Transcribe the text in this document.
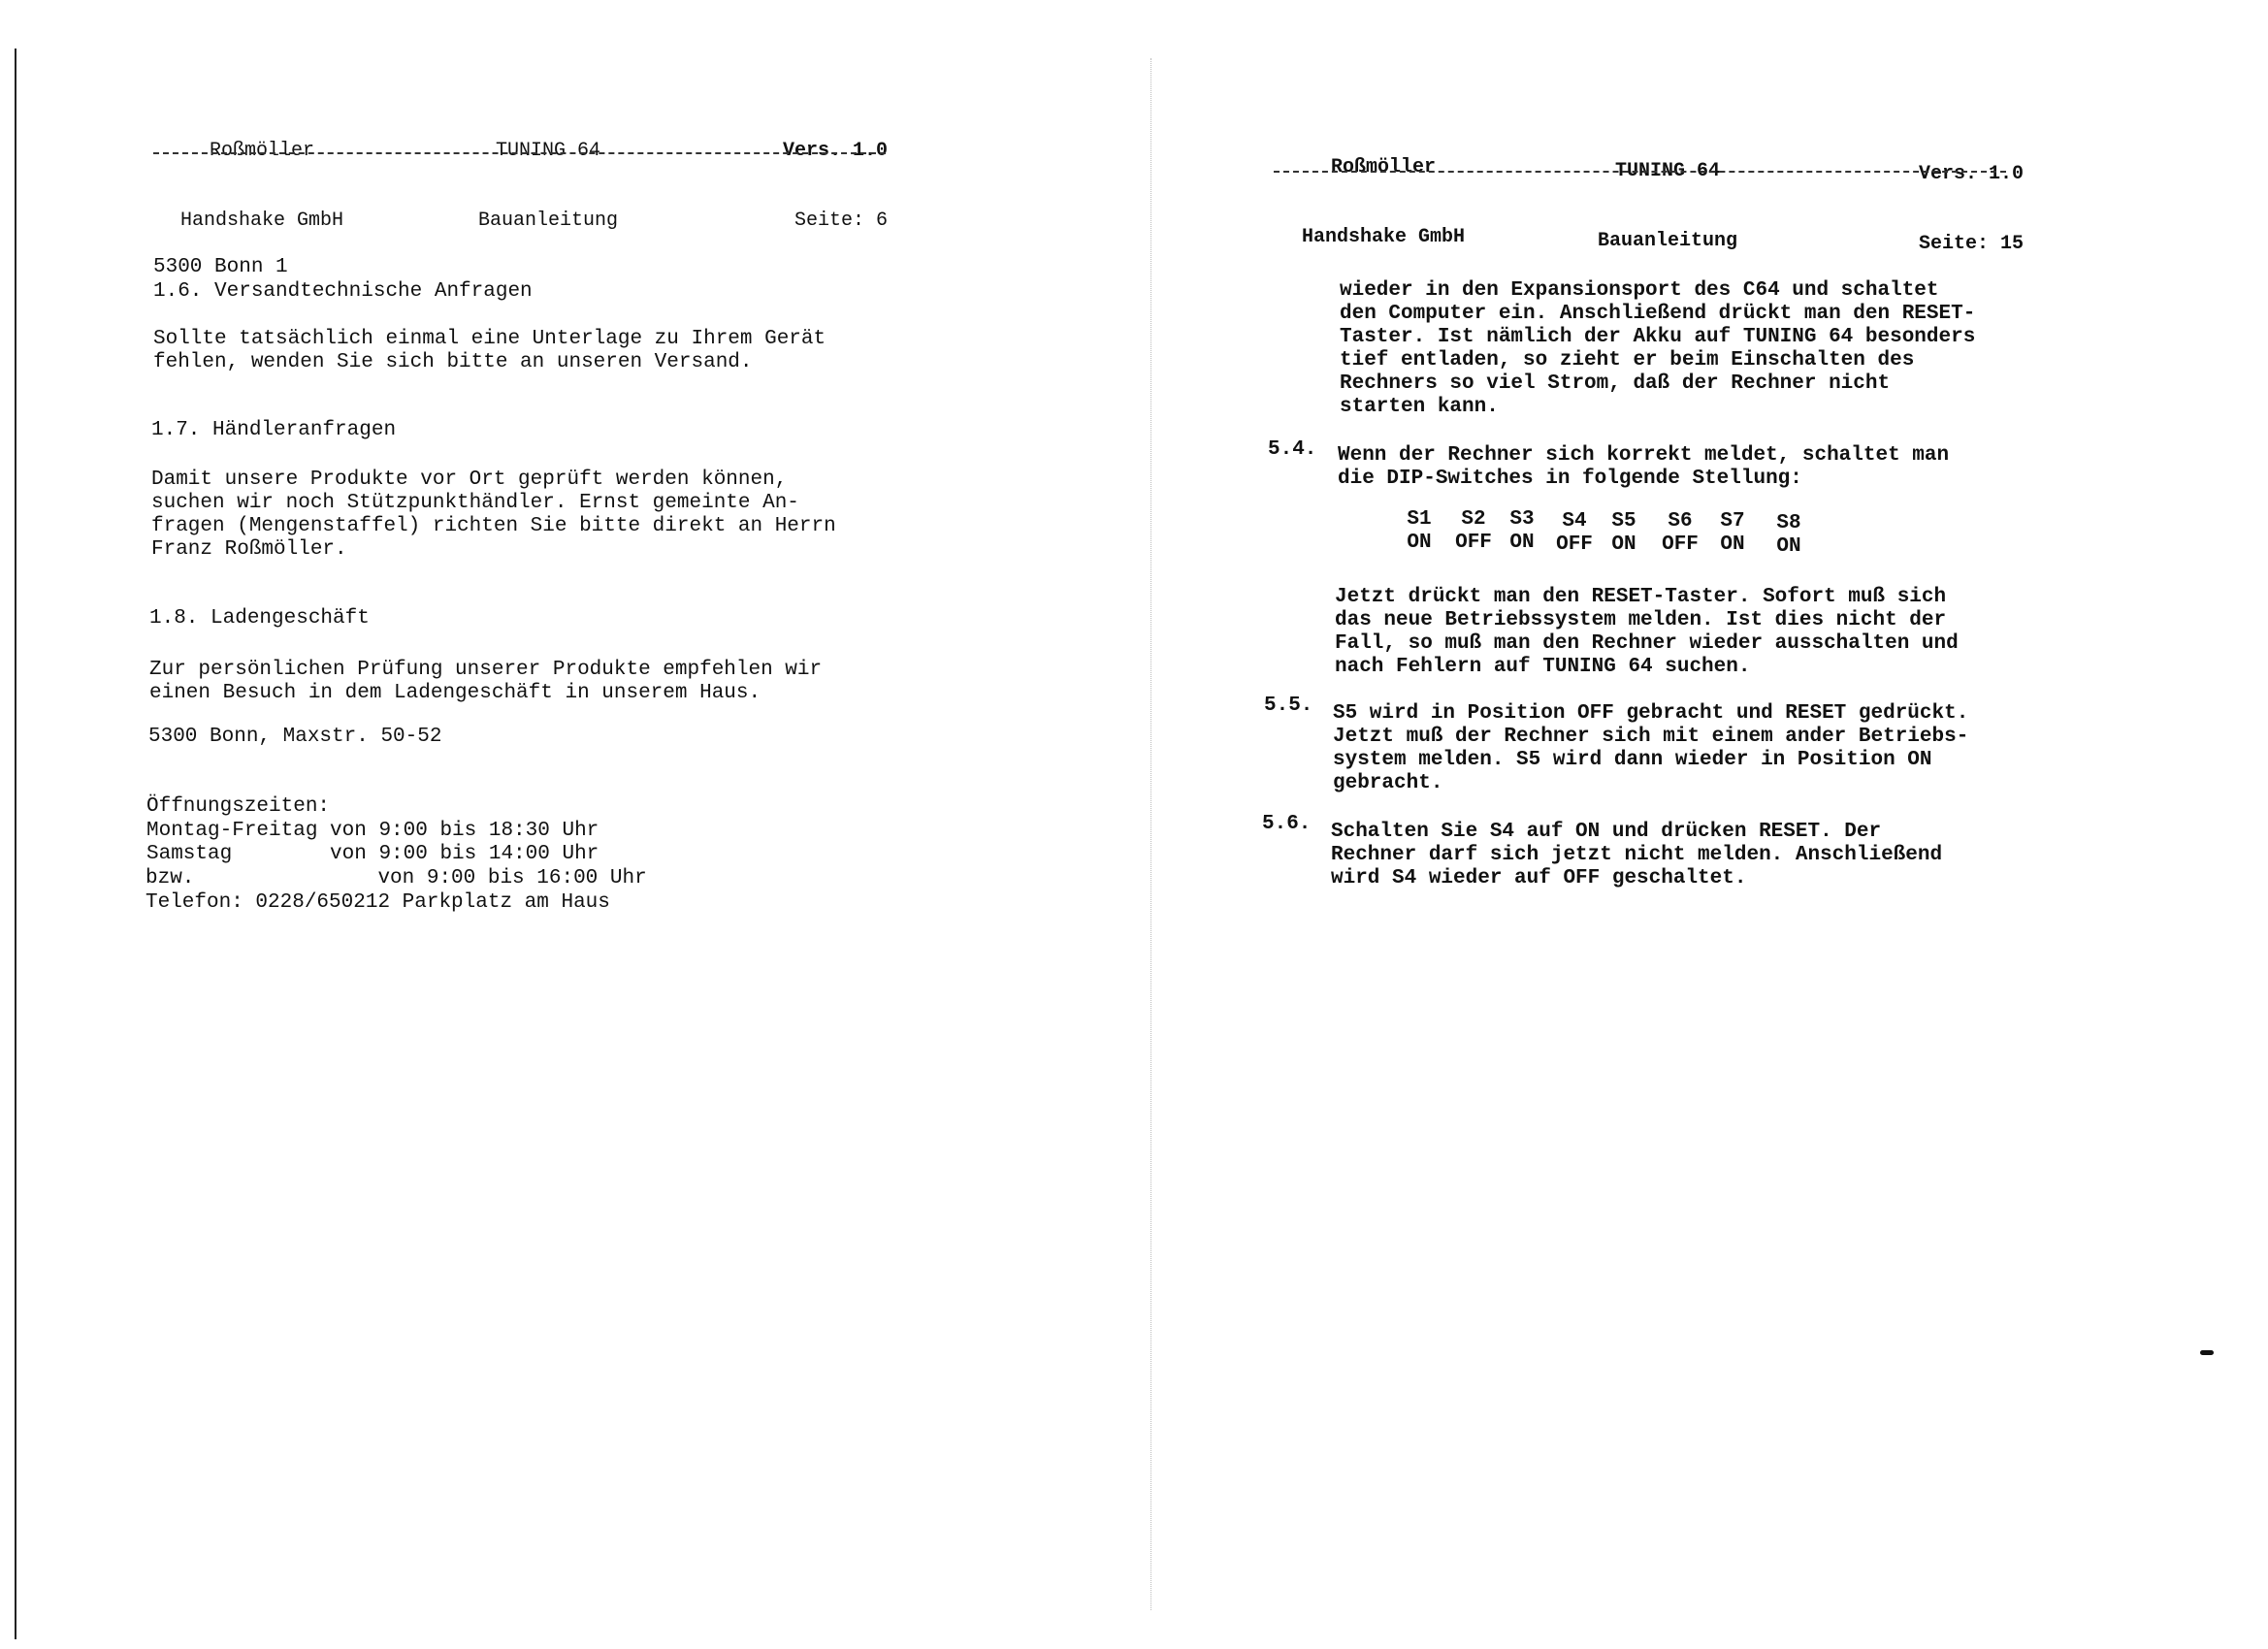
Roßmöller

Handshake GmbH

TUNING 64

Bauanleitung

Vers. 1.0

Seite: 6

5300 Bonn 1
1.6. Versandtechnische Anfragen
Sollte tatsächlich einmal eine Unterlage zu Ihrem Gerät
fehlen, wenden Sie sich bitte an unseren Versand.
1.7. Händleranfragen
Damit unsere Produkte vor Ort geprüft werden können,
suchen wir noch Stützpunkthändler. Ernst gemeinte An-
fragen (Mengenstaffel) richten Sie bitte direkt an Herrn
Franz Roßmöller.
1.8. Ladengeschäft
Zur persönlichen Prüfung unserer Produkte empfehlen wir
einen Besuch in dem Ladengeschäft in unserem Haus.
5300 Bonn, Maxstr. 50-52
Öffnungszeiten:
Montag-Freitag von 9:00 bis 18:30 Uhr
Samstag        von 9:00 bis 14:00 Uhr
bzw.               von 9:00 bis 16:00 Uhr
Telefon: 0228/650212 Parkplatz am Haus

Roßmöller

Handshake GmbH

TUNING 64

Bauanleitung

Vers. 1.0

Seite: 15

wieder in den Expansionsport des C64 und schaltet
den Computer ein. Anschließend drückt man den RESET-
Taster. Ist nämlich der Akku auf TUNING 64 besonders
tief entladen, so zieht er beim Einschalten des
Rechners so viel Strom, daß der Rechner nicht
starten kann.
5.4. Wenn der Rechner sich korrekt meldet, schaltet man
die DIP-Switches in folgende Stellung:
S1
ON
S2
OFF
S3
ON
S4
OFF
S5
ON
S6
OFF
S7
ON
S8
ON
Jetzt drückt man den RESET-Taster. Sofort muß sich
das neue Betriebssystem melden. Ist dies nicht der
Fall, so muß man den Rechner wieder ausschalten und
nach Fehlern auf TUNING 64 suchen.
5.5. S5 wird in Position OFF gebracht und RESET gedrückt.
Jetzt muß der Rechner sich mit einem ander Betriebs-
system melden. S5 wird dann wieder in Position ON
gebracht.
5.6. Schalten Sie S4 auf ON und drücken RESET. Der
Rechner darf sich jetzt nicht melden. Anschließend
wird S4 wieder auf OFF geschaltet.
